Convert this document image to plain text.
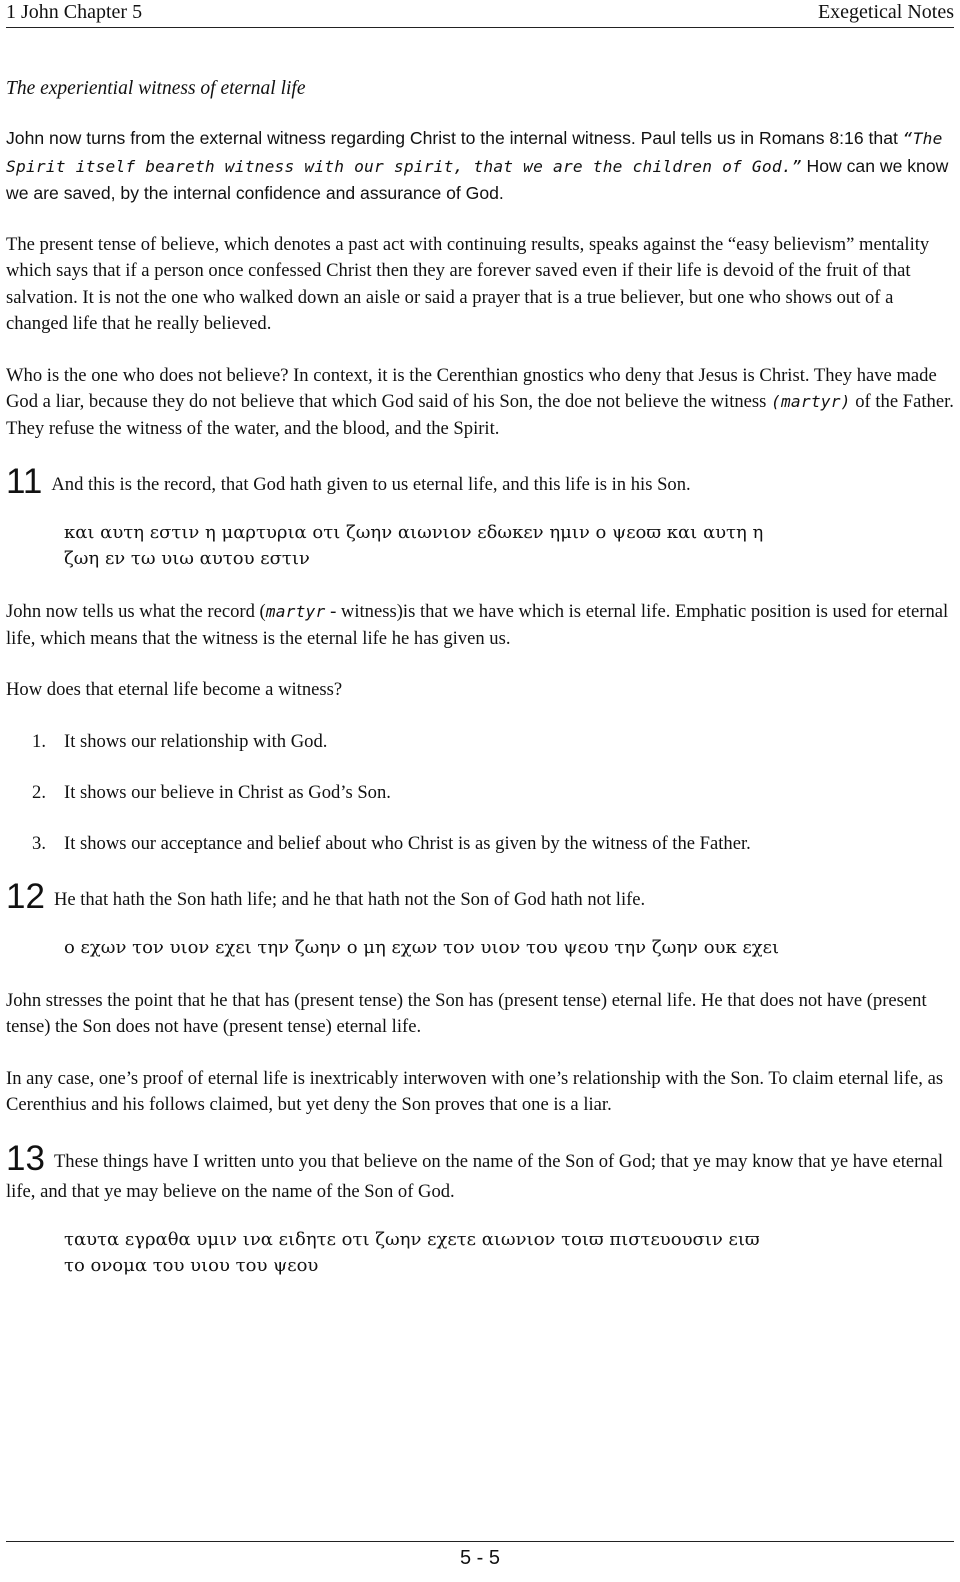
1 John Chapter 5	Exegetical Notes
The experiential witness of eternal life

John now turns from the external witness regarding Christ to the internal witness. Paul tells us in Romans 8:16 that “The Spirit itself beareth witness with our spirit, that we are the children of God.” How can we know we are saved, by the internal confidence and assurance of God.

The present tense of believe, which denotes a past act with continuing results, speaks against the “easy believism” mentality which says that if a person once confessed Christ then they are forever saved even if their life is devoid of the fruit of that salvation. It is not the one who walked down an aisle or said a prayer that is a true believer, but one who shows out of a changed life that he really believed.

Who is the one who does not believe? In context, it is the Cerenthian gnostics who deny that Jesus is Christ. They have made God a liar, because they do not believe that which God said of his Son, the doe not believe the witness (martyr) of the Father. They refuse the witness of the water, and the blood, and the Spirit.

11 And this is the record, that God hath given to us eternal life, and this life is in his Son.

και αυτη εστιν η μαρτυρια οτι ζωην αιωνιον εδωκεν ημιν ο ψεοϖ και αυτη η
ζωη εν τω υιω αυτου εστιν

John now tells us what the record (martyr - witness)is that we have which is eternal life. Emphatic position is used for eternal life, which means that the witness is the eternal life he has given us.

How does that eternal life become a witness?

1. It shows our relationship with God.
2. It shows our believe in Christ as God’s Son.
3. It shows our acceptance and belief about who Christ is as given by the witness of the Father.

12 He that hath the Son hath life; and he that hath not the Son of God hath not life.

ο εχων τον υιον εχει την ζωην ο μη εχων τον υιον του ψεου την ζωην ουκ εχει

John stresses the point that he that has (present tense) the Son has (present tense) eternal life. He that does not have (present tense) the Son does not have (present tense) eternal life.

In any case, one’s proof of eternal life is inextricably interwoven with one’s relationship with the Son. To claim eternal life, as Cerenthius and his follows claimed, but yet deny the Son proves that one is a liar.

13 These things have I written unto you that believe on the name of the Son of God; that ye may know that ye have eternal life, and that ye may believe on the name of the Son of God.

ταυτα εγραθα υμιν ινα ειδητε οτι ζωην εχετε αιωνιον τοιϖ πιστευουσιν ειϖ
το ονομα του υιου του ψεου
5 - 5
